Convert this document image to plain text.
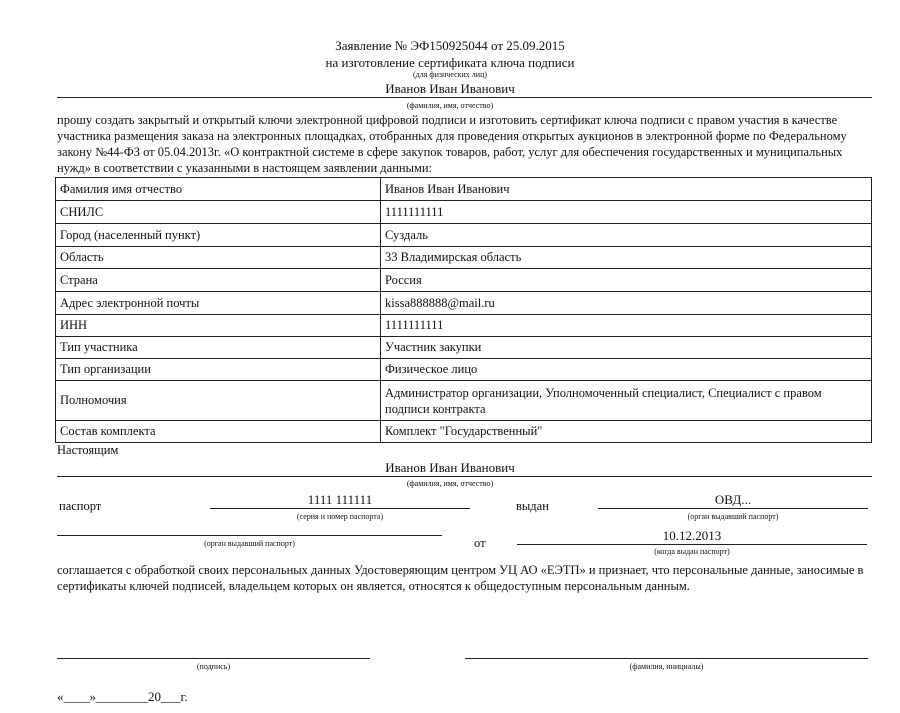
Заявление № ЭФ150925044 от 25.09.2015
на изготовление сертификата ключа подписи
(для физических лиц)
Иванов Иван Иванович
(фамилия, имя, отчество)
прошу создать закрытый и открытый ключи электронной цифровой подписи и изготовить сертификат ключа подписи с правом участия в качестве участника размещения заказа на электронных площадках, отобранных для проведения открытых аукционов в электронной форме по Федеральному закону №44-ФЗ от 05.04.2013г. «О контрактной системе в сфере закупок товаров, работ, услуг для обеспечения государственных и муниципальных нужд» в соответствии с указанными в настоящем заявлении данными:
Фамилия имя отчество	Иванов Иван Иванович
СНИЛС	1111111111
Город (населенный пункт)	Суздаль
Область	33 Владимирская область
Страна	Россия
Адрес электронной почты	kissa888888@mail.ru
ИНН	1111111111
Тип участника	Участник закупки
Тип организации	Физическое лицо
Полномочия	Администратор организации, Уполномоченный специалист, Специалист с правом подписи контракта
Состав комплекта	Комплект "Государственный"
Настоящим
Иванов Иван Иванович
(фамилия, имя, отчество)
паспорт	1111 111111
(серия и номер паспорта)
выдан	ОВД...
(орган выдавший паспорт)
(орган выдавший паспорт)	от	10.12.2013
(когда выдан паспорт)
соглашается с обработкой своих персональных данных Удостоверяющим центром УЦ АО «ЕЭТП» и признает, что персональные данные, заносимые в сертификаты ключей подписей, владельцем которых он является, относятся к общедоступным персональным данным.
(подпись)	(фамилия, инициалы)
«____»________20___г.
